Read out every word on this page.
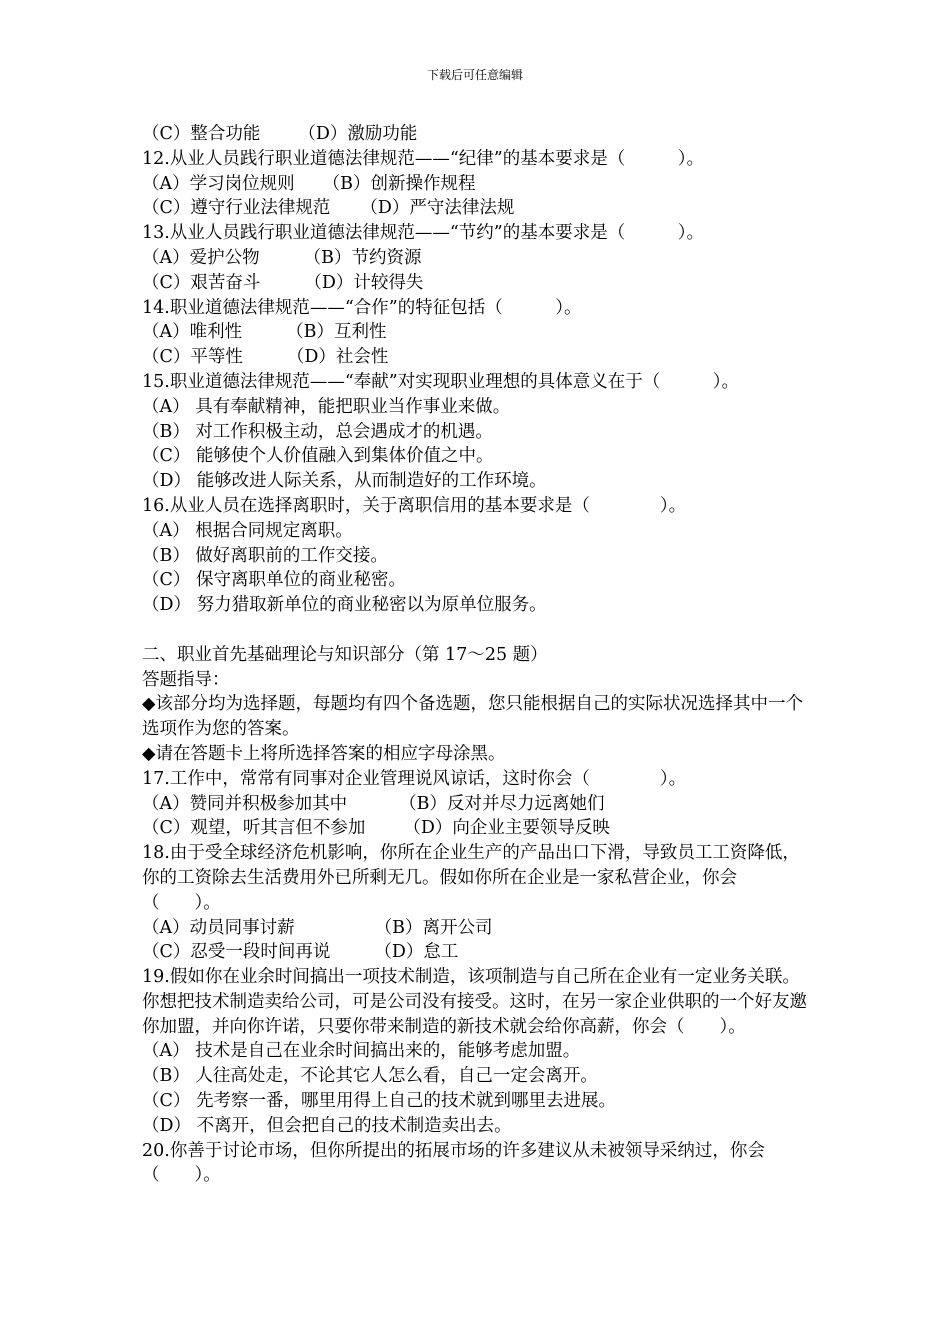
下载后可任意编辑
（C）整合功能 （D）激励功能
12.从业人员践行职业道德法律规范——“纪律”的基本要求是（　　　）。
（A）学习岗位规则 （B）创新操作规程
（C）遵守行业法律规范 （D）严守法律法规
13.从业人员践行职业道德法律规范——“节约”的基本要求是（　　　）。
（A）爱护公物	（B）节约资源
（C）艰苦奋斗	（D）计较得失
14.职业道德法律规范——“合作”的特征包括（　　　）。
（A）唯利性	（B）互利性
（C）平等性	（D）社会性
15.职业道德法律规范——“奉献”对实现职业理想的具体意义在于（　　　）。
（A） 具有奉献精神，能把职业当作事业来做。
（B） 对工作积极主动，总会遇成才的机遇。
（C） 能够使个人价值融入到集体价值之中。
（D） 能够改进人际关系，从而制造好的工作环境。
16.从业人员在选择离职时，关于离职信用的基本要求是（　　　　）。
（A） 根据合同规定离职。
（B） 做好离职前的工作交接。
（C） 保守离职单位的商业秘密。
（D） 努力猎取新单位的商业秘密以为原单位服务。
二、职业首先基础理论与知识部分（第 17～25 题）
答题指导：
◆该部分均为选择题，每题均有四个备选题，您只能根据自己的实际状况选择其中一个选项作为您的答案。
◆请在答题卡上将所选择答案的相应字母涂黑。
17.工作中，常常有同事对企业管理说风谅话，这时你会（　　　　）。
（A）赞同并积极参加其中	（B）反对并尽力远离她们
（C）观望，听其言但不参加 （D）向企业主要领导反映
18.由于受全球经济危机影响，你所在企业生产的产品出口下滑，导致员工工资降低，你的工资除去生活费用外已所剩无几。假如你所在企业是一家私营企业，你会（　　）。
（A）动员同事讨薪	（B）离开公司
（C）忍受一段时间再说	（D）怠工
19.假如你在业余时间搞出一项技术制造，该项制造与自己所在企业有一定业务关联。你想把技术制造卖给公司，可是公司没有接受。这时，在另一家企业供职的一个好友邀你加盟，并向你许诺，只要你带来制造的新技术就会给你高薪，你会（　　）。
（A） 技术是自己在业余时间搞出来的，能够考虑加盟。
（B） 人往高处走，不论其它人怎么看，自己一定会离开。
（C） 先考察一番，哪里用得上自己的技术就到哪里去进展。
（D） 不离开，但会把自己的技术制造卖出去。
20.你善于讨论市场，但你所提出的拓展市场的许多建议从未被领导采纳过，你会（　　）。
